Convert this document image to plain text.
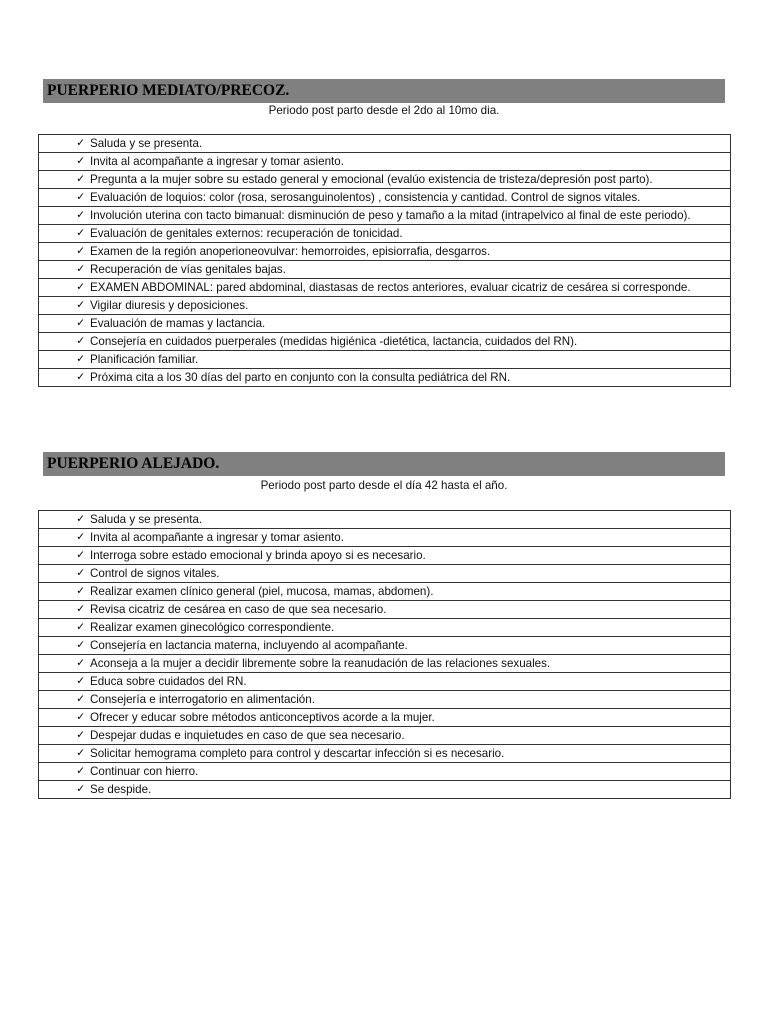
PUERPERIO MEDIATO/PRECOZ.
Periodo post parto desde el 2do al 10mo dia.
✓ Saluda y se presenta.

✓ Invita al acompañante a ingresar y tomar asiento.

✓ Pregunta a la mujer sobre su estado general y emocional (evalúo existencia de tristeza/depresión post parto).

✓ Evaluación de loquios: color (rosa, serosanguinolentos) , consistencia y cantidad. Control de signos vitales.

✓ Involución uterina con tacto bimanual: disminución de peso y tamaño a la mitad (intrapelvico al final de este periodo).

✓ Evaluación de genitales externos: recuperación de tonicidad.

✓ Examen de la región anoperioneovulvar: hemorroides, episiorrafia, desgarros.

✓ Recuperación de vías genitales bajas.

✓ EXAMEN ABDOMINAL: pared abdominal, diastasas de rectos anteriores, evaluar cicatriz de cesárea si corresponde.

✓ Vigilar diuresis y deposiciones.

✓ Evaluación de mamas y lactancia.

✓ Consejería en cuidados puerperales (medidas higiénica -dietética, lactancia, cuidados del RN).

✓ Planificación familiar.

✓ Próxima cita a los 30 días del parto en conjunto con la consulta pediátrica del RN.
PUERPERIO ALEJADO.
Periodo post parto desde el día 42 hasta el año.
✓ Saluda y se presenta.

✓ Invita al acompañante a ingresar y tomar asiento.

✓ Interroga sobre estado emocional y brinda apoyo si es necesario.

✓ Control de signos vitales.

✓ Realizar examen clínico general (piel, mucosa, mamas, abdomen).

✓ Revisa cicatriz de cesárea en caso de que sea necesario.

✓ Realizar examen ginecológico correspondiente.

✓ Consejería en lactancia materna, incluyendo al acompañante.

✓ Aconseja a la mujer a decidir libremente sobre la reanudación de las relaciones sexuales.

✓ Educa sobre cuidados del RN.

✓ Consejería e interrogatorio en alimentación.

✓ Ofrecer y educar sobre métodos anticonceptivos acorde a la mujer.

✓ Despejar dudas e inquietudes en caso de que sea necesario.

✓ Solicitar hemograma completo para control y descartar infección si es necesario.

✓ Continuar con hierro.

✓ Se despide.
